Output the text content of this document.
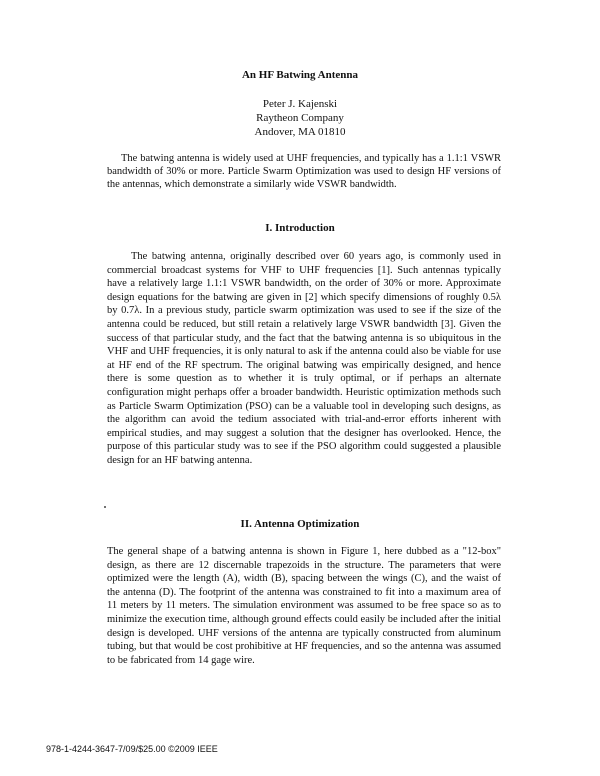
An HF Batwing Antenna
Peter J. Kajenski
Raytheon Company
Andover, MA 01810

The batwing antenna is widely used at UHF frequencies, and typically has a 1.1:1 VSWR bandwidth of 30% or more. Particle Swarm Optimization was used to design HF versions of the antennas, which demonstrate a similarly wide VSWR bandwidth.

I. Introduction

The batwing antenna, originally described over 60 years ago, is commonly used in commercial broadcast systems for VHF to UHF frequencies [1]. Such antennas typically have a relatively large 1.1:1 VSWR bandwidth, on the order of 30% or more. Approximate design equations for the batwing are given in [2] which specify dimensions of roughly 0.5λ by 0.7λ. In a previous study, particle swarm optimization was used to see if the size of the antenna could be reduced, but still retain a relatively large VSWR bandwidth [3]. Given the success of that particular study, and the fact that the batwing antenna is so ubiquitous in the VHF and UHF frequencies, it is only natural to ask if the antenna could also be viable for use at HF end of the RF spectrum. The original batwing was empirically designed, and hence there is some question as to whether it is truly optimal, or if perhaps an alternate configuration might perhaps offer a broader bandwidth. Heuristic optimization methods such as Particle Swarm Optimization (PSO) can be a valuable tool in developing such designs, as the algorithm can avoid the tedium associated with trial-and-error efforts inherent with empirical studies, and may suggest a solution that the designer has overlooked. Hence, the purpose of this particular study was to see if the PSO algorithm could suggested a plausible design for an HF batwing antenna.

II. Antenna Optimization

The general shape of a batwing antenna is shown in Figure 1, here dubbed as a "12-box" design, as there are 12 discernable trapezoids in the structure. The parameters that were optimized were the length (A), width (B), spacing between the wings (C), and the waist of the antenna (D). The footprint of the antenna was constrained to fit into a maximum area of 11 meters by 11 meters. The simulation environment was assumed to be free space so as to minimize the execution time, although ground effects could easily be included after the initial design is developed. UHF versions of the antenna are typically constructed from aluminum tubing, but that would be cost prohibitive at HF frequencies, and so the antenna was assumed to be fabricated from 14 gage wire.

978-1-4244-3647-7/09/$25.00 ©2009 IEEE
